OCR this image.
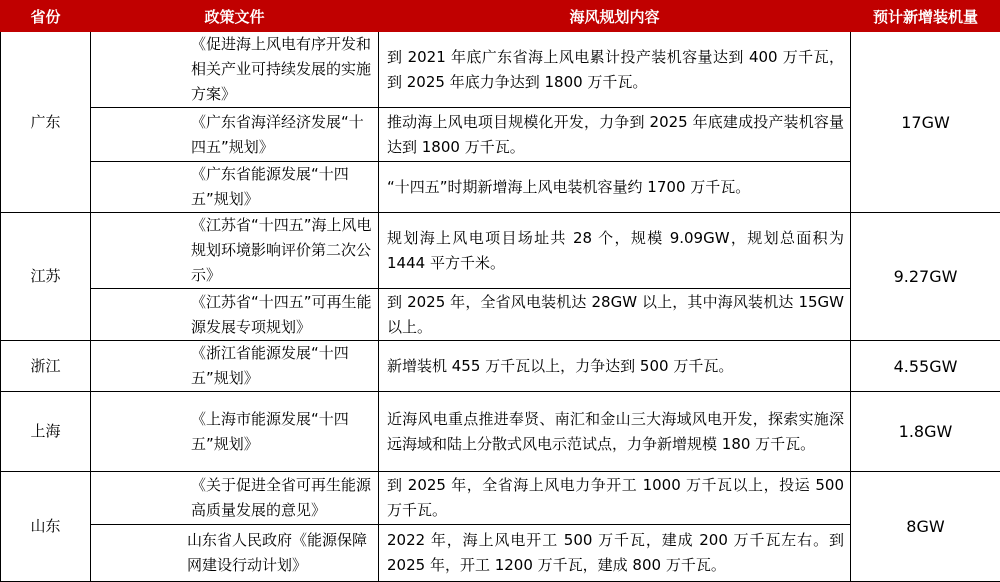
省份	政策文件	海风规划内容	预计新增装机量
广东	《促进海上风电有序开发和相关产业可持续发展的实施方案》	到 2021 年底广东省海上风电累计投产装机容量达到 400 万千瓦，到 2025 年底力争达到 1800 万千瓦。	17GW
	《广东省海洋经济发展“十四五”规划》	推动海上风电项目规模化开发，力争到 2025 年底建成投产装机容量达到 1800 万千瓦。	
	《广东省能源发展“十四五”规划》	“十四五”时期新增海上风电装机容量约 1700 万千瓦。	
江苏	《江苏省“十四五”海上风电规划环境影响评价第二次公示》	规划海上风电项目场址共 28 个，规模 9.09GW，规划总面积为 1444 平方千米。	9.27GW
	《江苏省“十四五”可再生能源发展专项规划》	到 2025 年，全省风电装机达 28GW 以上，其中海风装机达 15GW 以上。	
浙江	《浙江省能源发展“十四五”规划》	新增装机 455 万千瓦以上，力争达到 500 万千瓦。	4.55GW
上海	《上海市能源发展“十四五”规划》	近海风电重点推进奉贤、南汇和金山三大海域风电开发，探索实施深远海域和陆上分散式风电示范试点，力争新增规模 180 万千瓦。	1.8GW
山东	《关于促进全省可再生能源高质量发展的意见》	到 2025 年，全省海上风电力争开工 1000 万千瓦以上，投运 500 万千瓦。	8GW
	山东省人民政府《能源保障网建设行动计划》	2022 年，海上风电开工 500 万千瓦，建成 200 万千瓦左右。到 2025 年，开工 1200 万千瓦，建成 800 万千瓦。	
